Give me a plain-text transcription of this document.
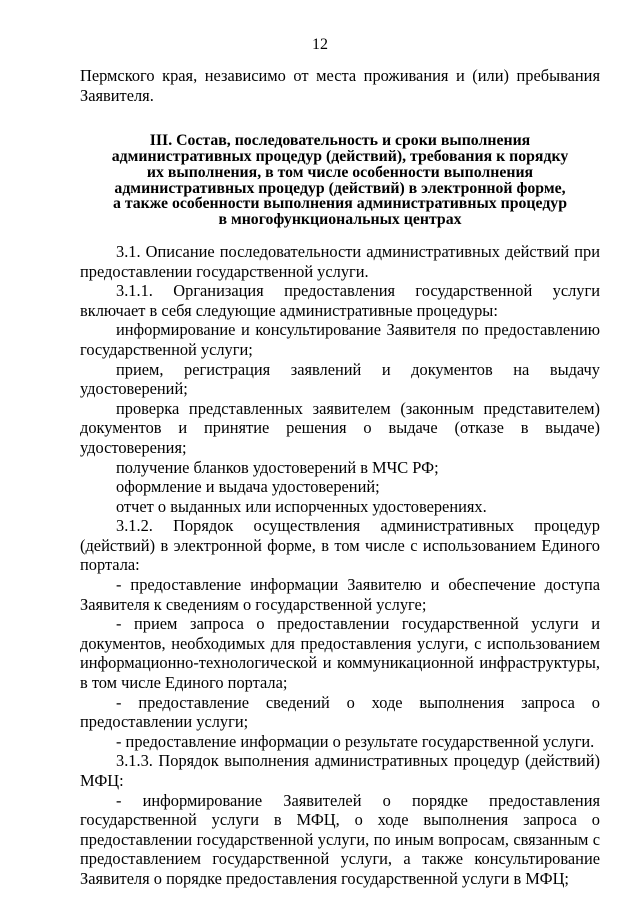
12

Пермского края, независимо от места проживания и (или) пребывания Заявителя.

III. Состав, последовательность и сроки выполнения
административных процедур (действий), требования к порядку
их выполнения, в том числе особенности выполнения
административных процедур (действий) в электронной форме,
а также особенности выполнения административных процедур
в многофункциональных центрах

3.1. Описание последовательности административных действий при предоставлении государственной услуги.

3.1.1. Организация предоставления государственной услуги включает в себя следующие административные процедуры:

информирование и консультирование Заявителя по предоставлению государственной услуги;

прием, регистрация заявлений и документов на выдачу удостоверений;

проверка представленных заявителем (законным представителем) документов и принятие решения о выдаче (отказе в выдаче) удостоверения;

получение бланков удостоверений в МЧС РФ;

оформление и выдача удостоверений;

отчет о выданных или испорченных удостоверениях.

3.1.2. Порядок осуществления административных процедур (действий) в электронной форме, в том числе с использованием Единого портала:

- предоставление информации Заявителю и обеспечение доступа Заявителя к сведениям о государственной услуге;

- прием запроса о предоставлении государственной услуги и документов, необходимых для предоставления услуги, с использованием информационно-технологической и коммуникационной инфраструктуры, в том числе Единого портала;

- предоставление сведений о ходе выполнения запроса о предоставлении услуги;

- предоставление информации о результате государственной услуги.

3.1.3. Порядок выполнения административных процедур (действий) МФЦ:

- информирование Заявителей о порядке предоставления государственной услуги в МФЦ, о ходе выполнения запроса о предоставлении государственной услуги, по иным вопросам, связанным с предоставлением государственной услуги, а также консультирование Заявителя о порядке предоставления государственной услуги в МФЦ;
